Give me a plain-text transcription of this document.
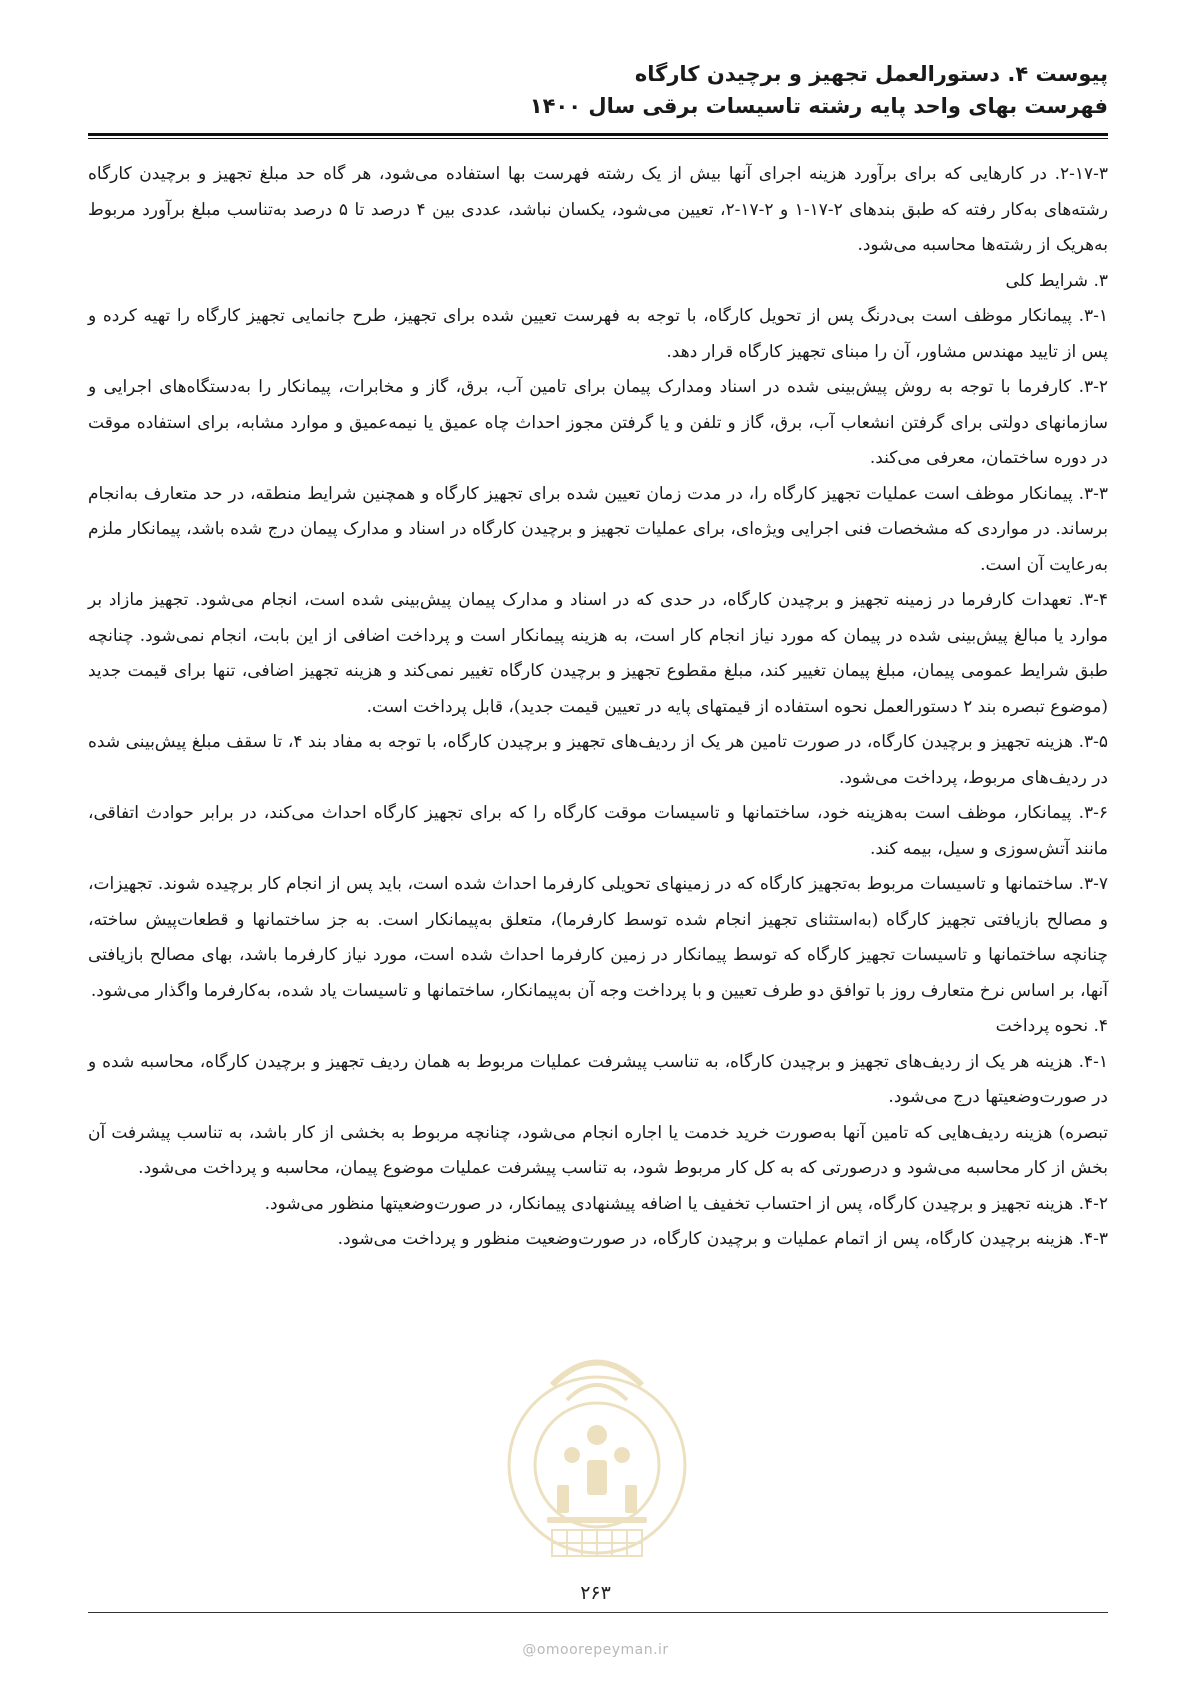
پیوست ۴. دستورالعمل تجهیز و برچیدن کارگاه

فهرست بهای واحد پایه رشته تاسیسات برقی سال ۱۴۰۰

۲-۱۷-۳. در کارهایی که برای برآورد هزینه اجرای آنها بیش از یک رشته فهرست بها استفاده می‌شود، هر گاه حد مبلغ تجهیز و برچیدن کارگاه رشته‌های به‌کار رفته که طبق بندهای ۲-۱۷-۱ و ۲-۱۷-۲، تعیین می‌شود، یکسان نباشد، عددی بین ۴ درصد تا ۵ درصد به‌تناسب مبلغ برآورد مربوط به‌هریک از رشته‌ها محاسبه می‌شود.

۳. شرایط کلی

۳-۱. پیمانکار موظف است بی‌درنگ پس از تحویل کارگاه، با توجه به فهرست تعیین شده برای تجهیز، طرح جانمایی تجهیز کارگاه را تهیه کرده و پس از تایید مهندس مشاور، آن را مبنای تجهیز کارگاه قرار دهد.

۳-۲. کارفرما با توجه به روش پیش‌بینی شده در اسناد ومدارک پیمان برای تامین آب، برق، گاز و مخابرات، پیمانکار را به‌دستگاه‌های اجرایی و سازمانهای دولتی برای گرفتن انشعاب آب، برق، گاز و تلفن و یا گرفتن مجوز احداث چاه عمیق یا نیمه‌عمیق و موارد مشابه، برای استفاده موقت در دوره ساختمان، معرفی می‌کند.

۳-۳. پیمانکار موظف است عملیات تجهیز کارگاه را، در مدت زمان تعیین شده برای تجهیز کارگاه و همچنین شرایط منطقه، در حد متعارف به‌انجام برساند. در مواردی که مشخصات فنی اجرایی ویژه‌ای، برای عملیات تجهیز و برچیدن کارگاه در اسناد و مدارک پیمان درج شده باشد، پیمانکار ملزم به‌رعایت آن است.

۳-۴. تعهدات کارفرما در زمینه تجهیز و برچیدن کارگاه، در حدی که در اسناد و مدارک پیمان پیش‌بینی شده است، انجام می‌شود. تجهیز مازاد بر موارد یا مبالغ پیش‌بینی شده در پیمان که مورد نیاز انجام کار است، به هزینه پیمانکار است و پرداخت اضافی از این بابت، انجام نمی‌شود. چنانچه طبق شرایط عمومی پیمان، مبلغ پیمان تغییر کند، مبلغ مقطوع تجهیز و برچیدن کارگاه تغییر نمی‌کند و هزینه تجهیز اضافی، تنها برای قیمت جدید (موضوع تبصره بند ۲ دستورالعمل نحوه استفاده از قیمتهای پایه در تعیین قیمت جدید)، قابل پرداخت است.

۳-۵. هزینه تجهیز و برچیدن کارگاه، در صورت تامین هر یک از ردیف‌های تجهیز و برچیدن کارگاه، با توجه به مفاد بند ۴، تا سقف مبلغ پیش‌بینی شده در ردیف‌های مربوط، پرداخت می‌شود.

۳-۶. پیمانکار، موظف است به‌هزینه خود، ساختمانها و تاسیسات موقت کارگاه را که برای تجهیز کارگاه احداث می‌کند، در برابر حوادث اتفاقی، مانند آتش‌سوزی و سیل، بیمه کند.

۳-۷. ساختمانها و تاسیسات مربوط به‌تجهیز کارگاه که در زمینهای تحویلی کارفرما احداث شده است، باید پس از انجام کار برچیده شوند. تجهیزات، و مصالح بازیافتی تجهیز کارگاه (به‌استثنای تجهیز انجام شده توسط کارفرما)، متعلق به‌پیمانکار است. به جز ساختمانها و قطعات‌پیش ساخته، چنانچه ساختمانها و تاسیسات تجهیز کارگاه که توسط پیمانکار در زمین کارفرما احداث شده است، مورد نیاز کارفرما باشد، بهای مصالح بازیافتی آنها، بر اساس نرخ متعارف روز با توافق دو طرف تعیین و با پرداخت وجه آن به‌پیمانکار، ساختمانها و تاسیسات یاد شده، به‌کارفرما واگذار می‌شود.

۴. نحوه پرداخت

۴-۱. هزینه هر یک از ردیف‌های تجهیز و برچیدن کارگاه، به تناسب پیشرفت عملیات مربوط به همان ردیف تجهیز و برچیدن کارگاه، محاسبه شده و در صورت‌وضعیتها درج می‌شود.

تبصره) هزینه ردیف‌هایی که تامین آنها به‌صورت خرید خدمت یا اجاره انجام می‌شود، چنانچه مربوط به بخشی از کار باشد، به تناسب پیشرفت آن بخش از کار محاسبه می‌شود و درصورتی که به کل کار مربوط شود، به تناسب پیشرفت عملیات موضوع پیمان، محاسبه و پرداخت می‌شود.

۴-۲. هزینه تجهیز و برچیدن کارگاه، پس از احتساب تخفیف یا اضافه پیشنهادی پیمانکار، در صورت‌وضعیتها منظور می‌شود.

۴-۳. هزینه برچیدن کارگاه، پس از اتمام عملیات و برچیدن کارگاه، در صورت‌وضعیت منظور و پرداخت می‌شود.

۲۶۳
@omoorepeyman.ir
